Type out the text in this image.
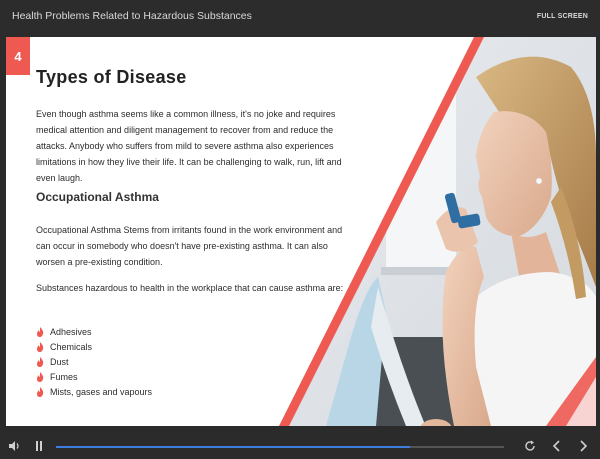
Health Problems Related to Hazardous Substances	FULL SCREEN
4
Types of Disease
Even though asthma seems like a common illness, it's no joke and requires medical attention and diligent management to recover from and reduce the attacks. Anybody who suffers from mild to severe asthma also experiences limitations in how they live their life. It can be challenging to walk, run, lift and even laugh.
Occupational Asthma
Occupational Asthma Stems from irritants found in the work environment and can occur in somebody who doesn't have pre-existing asthma. It can also worsen a pre-existing condition.
Substances hazardous to health in the workplace that can cause asthma are:
Adhesives
Chemicals
Dust
Fumes
Mists, gases and vapours
